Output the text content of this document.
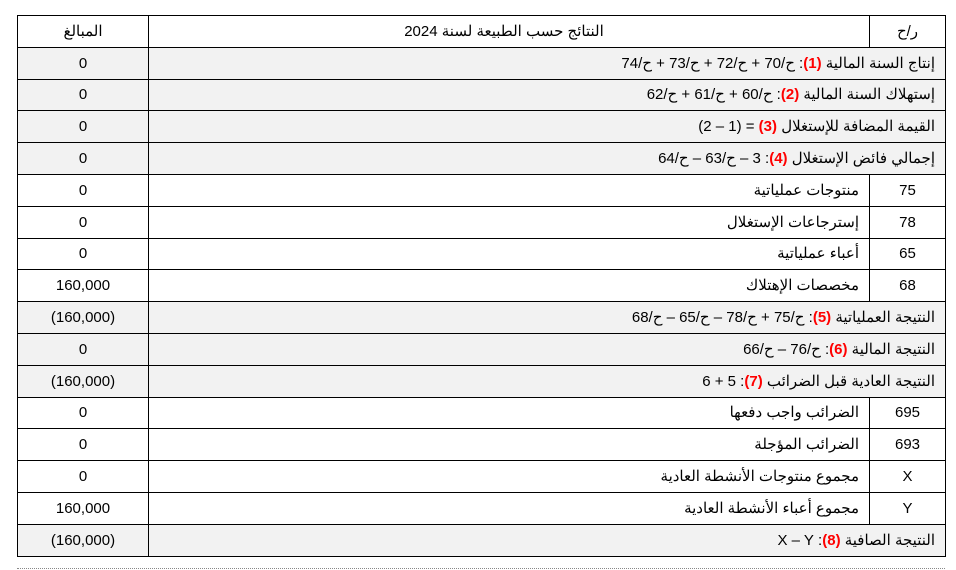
ر/ح	النتائج حسب الطبيعة لسنة 2024	المبالغ
إنتاج السنة المالية (1): ح/70 + ح/72 + ح/73 + ح/74		0
إستهلاك السنة المالية (2): ح/60 + ح/61 + ح/62		0
القيمة المضافة للإستغلال (3) = (1 – 2)		0
إجمالي فائض الإستغلال (4): 3 – ح/63 – ح/64		0
75	منتوجات عملياتية	0
78	إسترجاعات الإستغلال	0
65	أعباء عملياتية	0
68	مخصصات الإهتلاك	160,000
النتيجة العملياتية (5): ح/75 + ح/78 – ح/65 – ح/68		(160,000)
النتيجة المالية (6): ح/76 – ح/66		0
النتيجة العادية قبل الضرائب (7): 5 + 6		(160,000)
695	الضرائب واجب دفعها	0
693	الضرائب المؤجلة	0
X	مجموع منتوجات الأنشطة العادية	0
Y	مجموع أعباء الأنشطة العادية	160,000
النتيجة الصافية (8): X – Y		(160,000)
